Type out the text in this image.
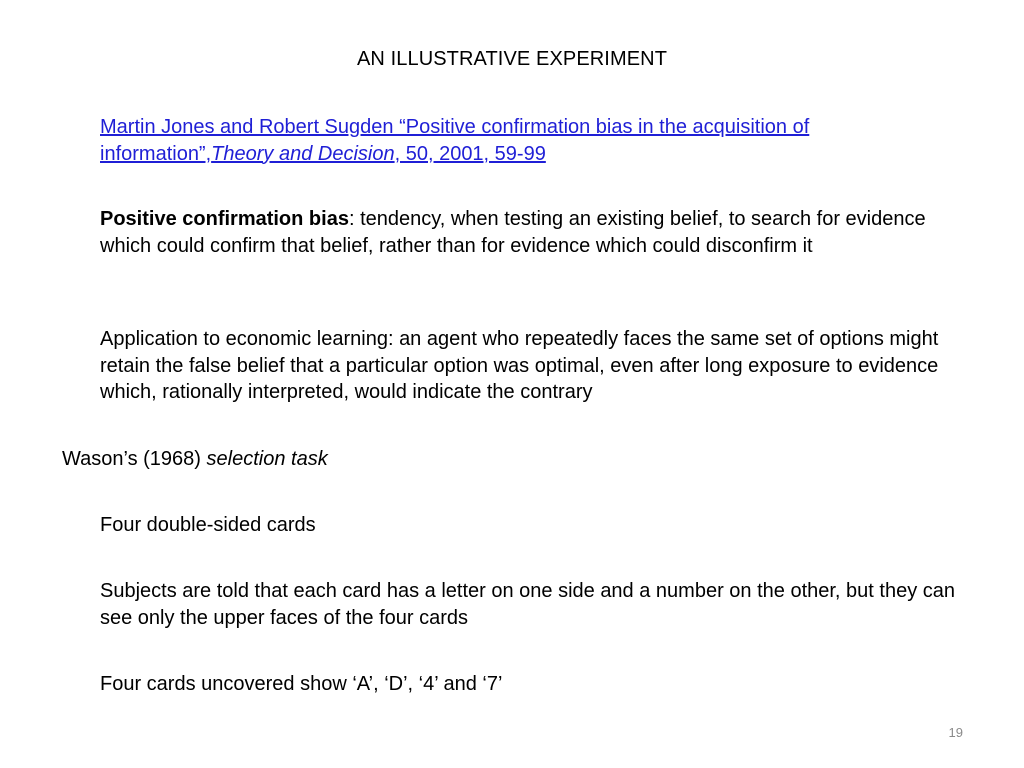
AN ILLUSTRATIVE EXPERIMENT
Martin Jones and Robert Sugden “Positive confirmation bias in the acquisition of information”,Theory and Decision, 50, 2001, 59-99
Positive confirmation bias: tendency, when testing an existing belief, to search for evidence which could confirm that belief, rather than for evidence which could disconfirm it
Application to economic learning: an agent who repeatedly faces the same set of options might retain the false belief that a particular option was optimal, even after long exposure to evidence which, rationally interpreted, would indicate the contrary
Wason’s (1968) selection task
Four double-sided cards
Subjects are told that each card has a letter on one side and a number on the other, but they can see only the upper faces of the four cards
Four cards uncovered show ‘A’, ‘D’, ‘4’ and ‘7’
19
